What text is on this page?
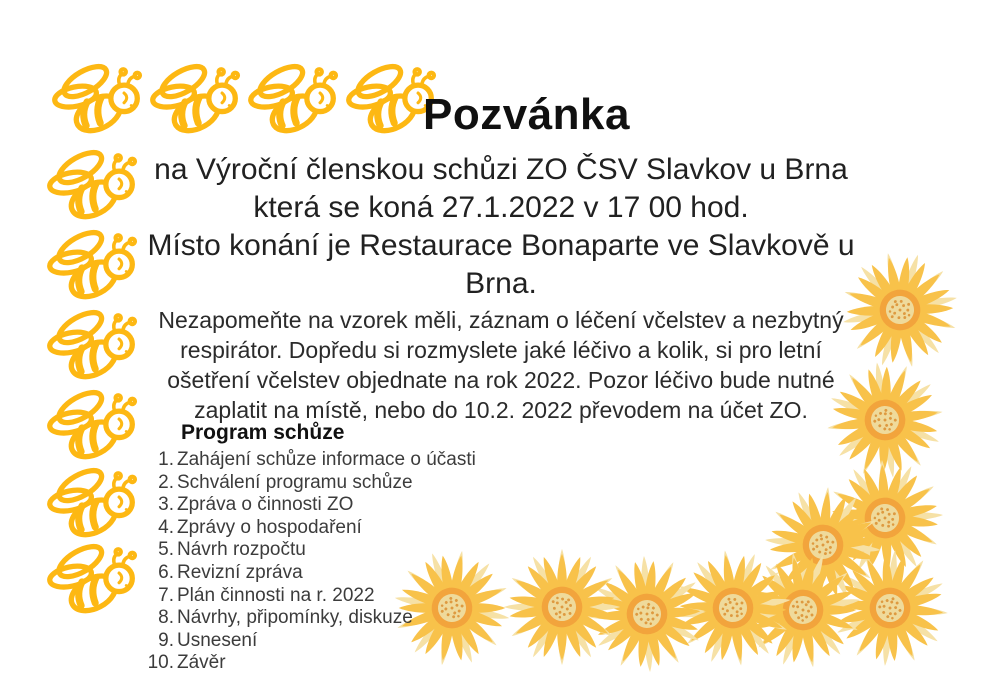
Pozvánka
na Výroční členskou schůzi ZO ČSV Slavkov u Brna
která se koná 27.1.2022 v 17 00 hod.
Místo konání je Restaurace Bonaparte ve Slavkově u
Brna.
Nezapomeňte na vzorek měli, záznam o léčení včelstev a nezbytný
respirátor. Dopředu si rozmyslete jaké léčivo a kolik, si pro letní
ošetření včelstev objednate na rok 2022. Pozor léčivo bude nutné
zaplatit na místě, nebo do 10.2. 2022 převodem na účet ZO.
Program schůze
Zahájení schůze informace o účasti
Schválení programu schůze
Zpráva o činnosti ZO
Zprávy o hospodaření
Návrh rozpočtu
Revizní zpráva
Plán činnosti na r. 2022
Návrhy, připomínky, diskuze
Usnesení
Závěr
